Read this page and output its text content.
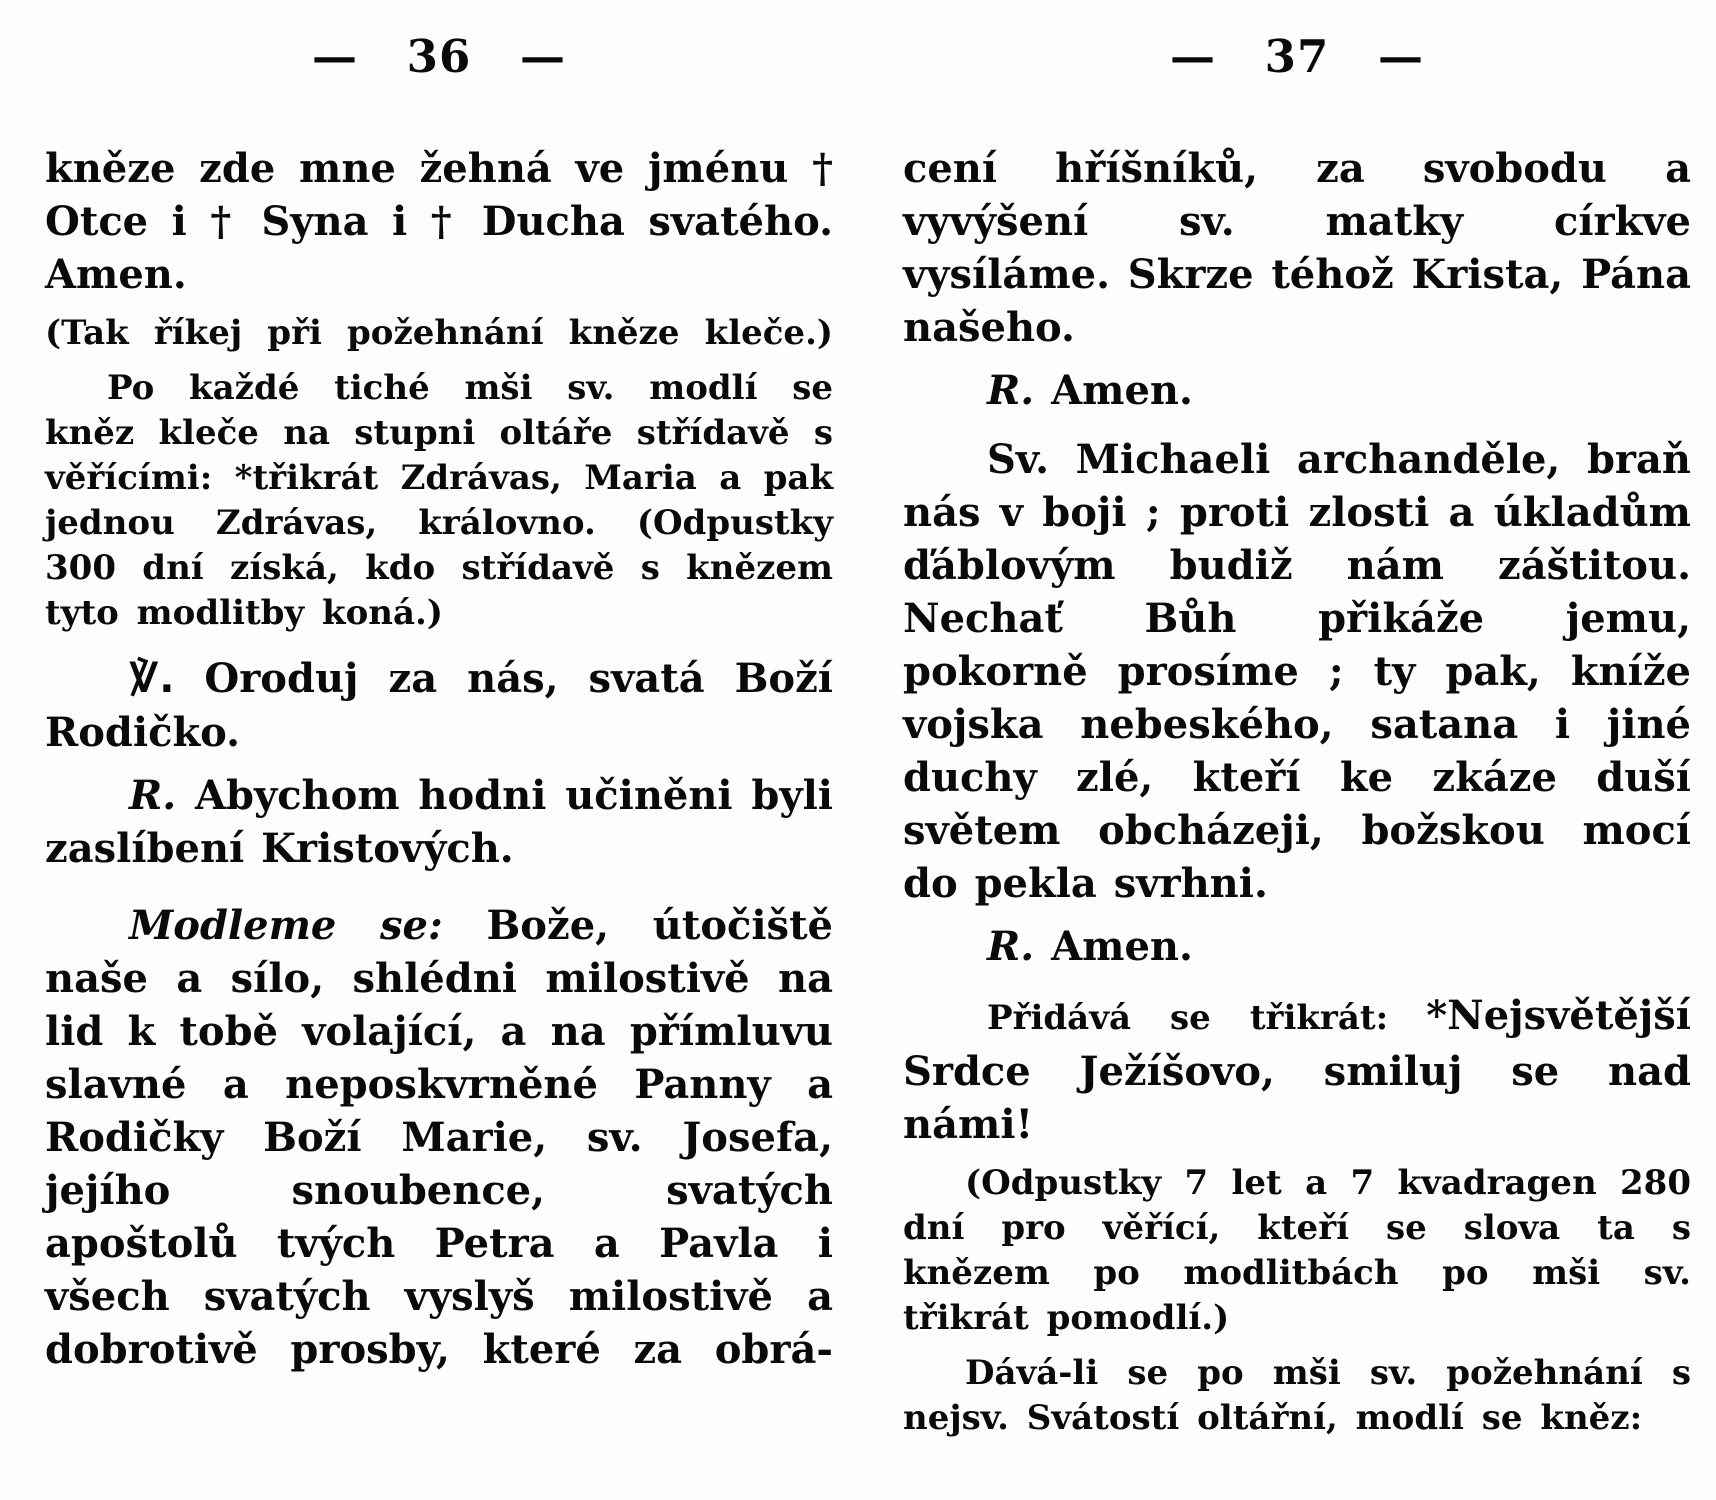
— 36 —

kněze zde mne žehná ve jménu † Otce i † Syna i † Ducha svatého. Amen.

(Tak říkej při požehnání kněze kleče.)

Po každé tiché mši sv. modlí se kněz kleče na stupni oltáře střídavě s věřícími: *třikrát Zdrávas, Maria a pak jednou Zdrávas, královno. (Odpustky 300 dní získá, kdo střídavě s knězem tyto modlitby koná.)

℣. Oroduj za nás, svatá Boží Rodičko.

R. Abychom hodni učiněni byli zaslíbení Kristových.

Modleme se: Bože, útočiště naše a sílo, shlédni milostivě na lid k tobě volající, a na přímluvu slavné a neposkvrněné Panny a Rodičky Boží Marie, sv. Josefa, jejího snoubence, svatých apoštolů tvých Petra a Pavla i všech svatých vyslyš milostivě a dobrotivě prosby, které za obrá-

— 37 —

cení hříšníků, za svobodu a vyvýšení sv. matky církve vysíláme. Skrze téhož Krista, Pána našeho.

R. Amen.

Sv. Michaeli archanděle, braň nás v boji ; proti zlosti a úkladům ďáblovým budiž nám záštitou. Nechať Bůh přikáže jemu, pokorně prosíme ; ty pak, kníže vojska nebeského, satana i jiné duchy zlé, kteří ke zkáze duší světem obcházeji, božskou mocí do pekla svrhni.

R. Amen.

Přidává se třikrát: *Nejsvětější Srdce Ježíšovo, smiluj se nad námi!

(Odpustky 7 let a 7 kvadragen 280 dní pro věřící, kteří se slova ta s knězem po modlitbách po mši sv. třikrát pomodlí.)

Dává-li se po mši sv. požehnání s nejsv. Svátostí oltářní, modlí se kněz:
